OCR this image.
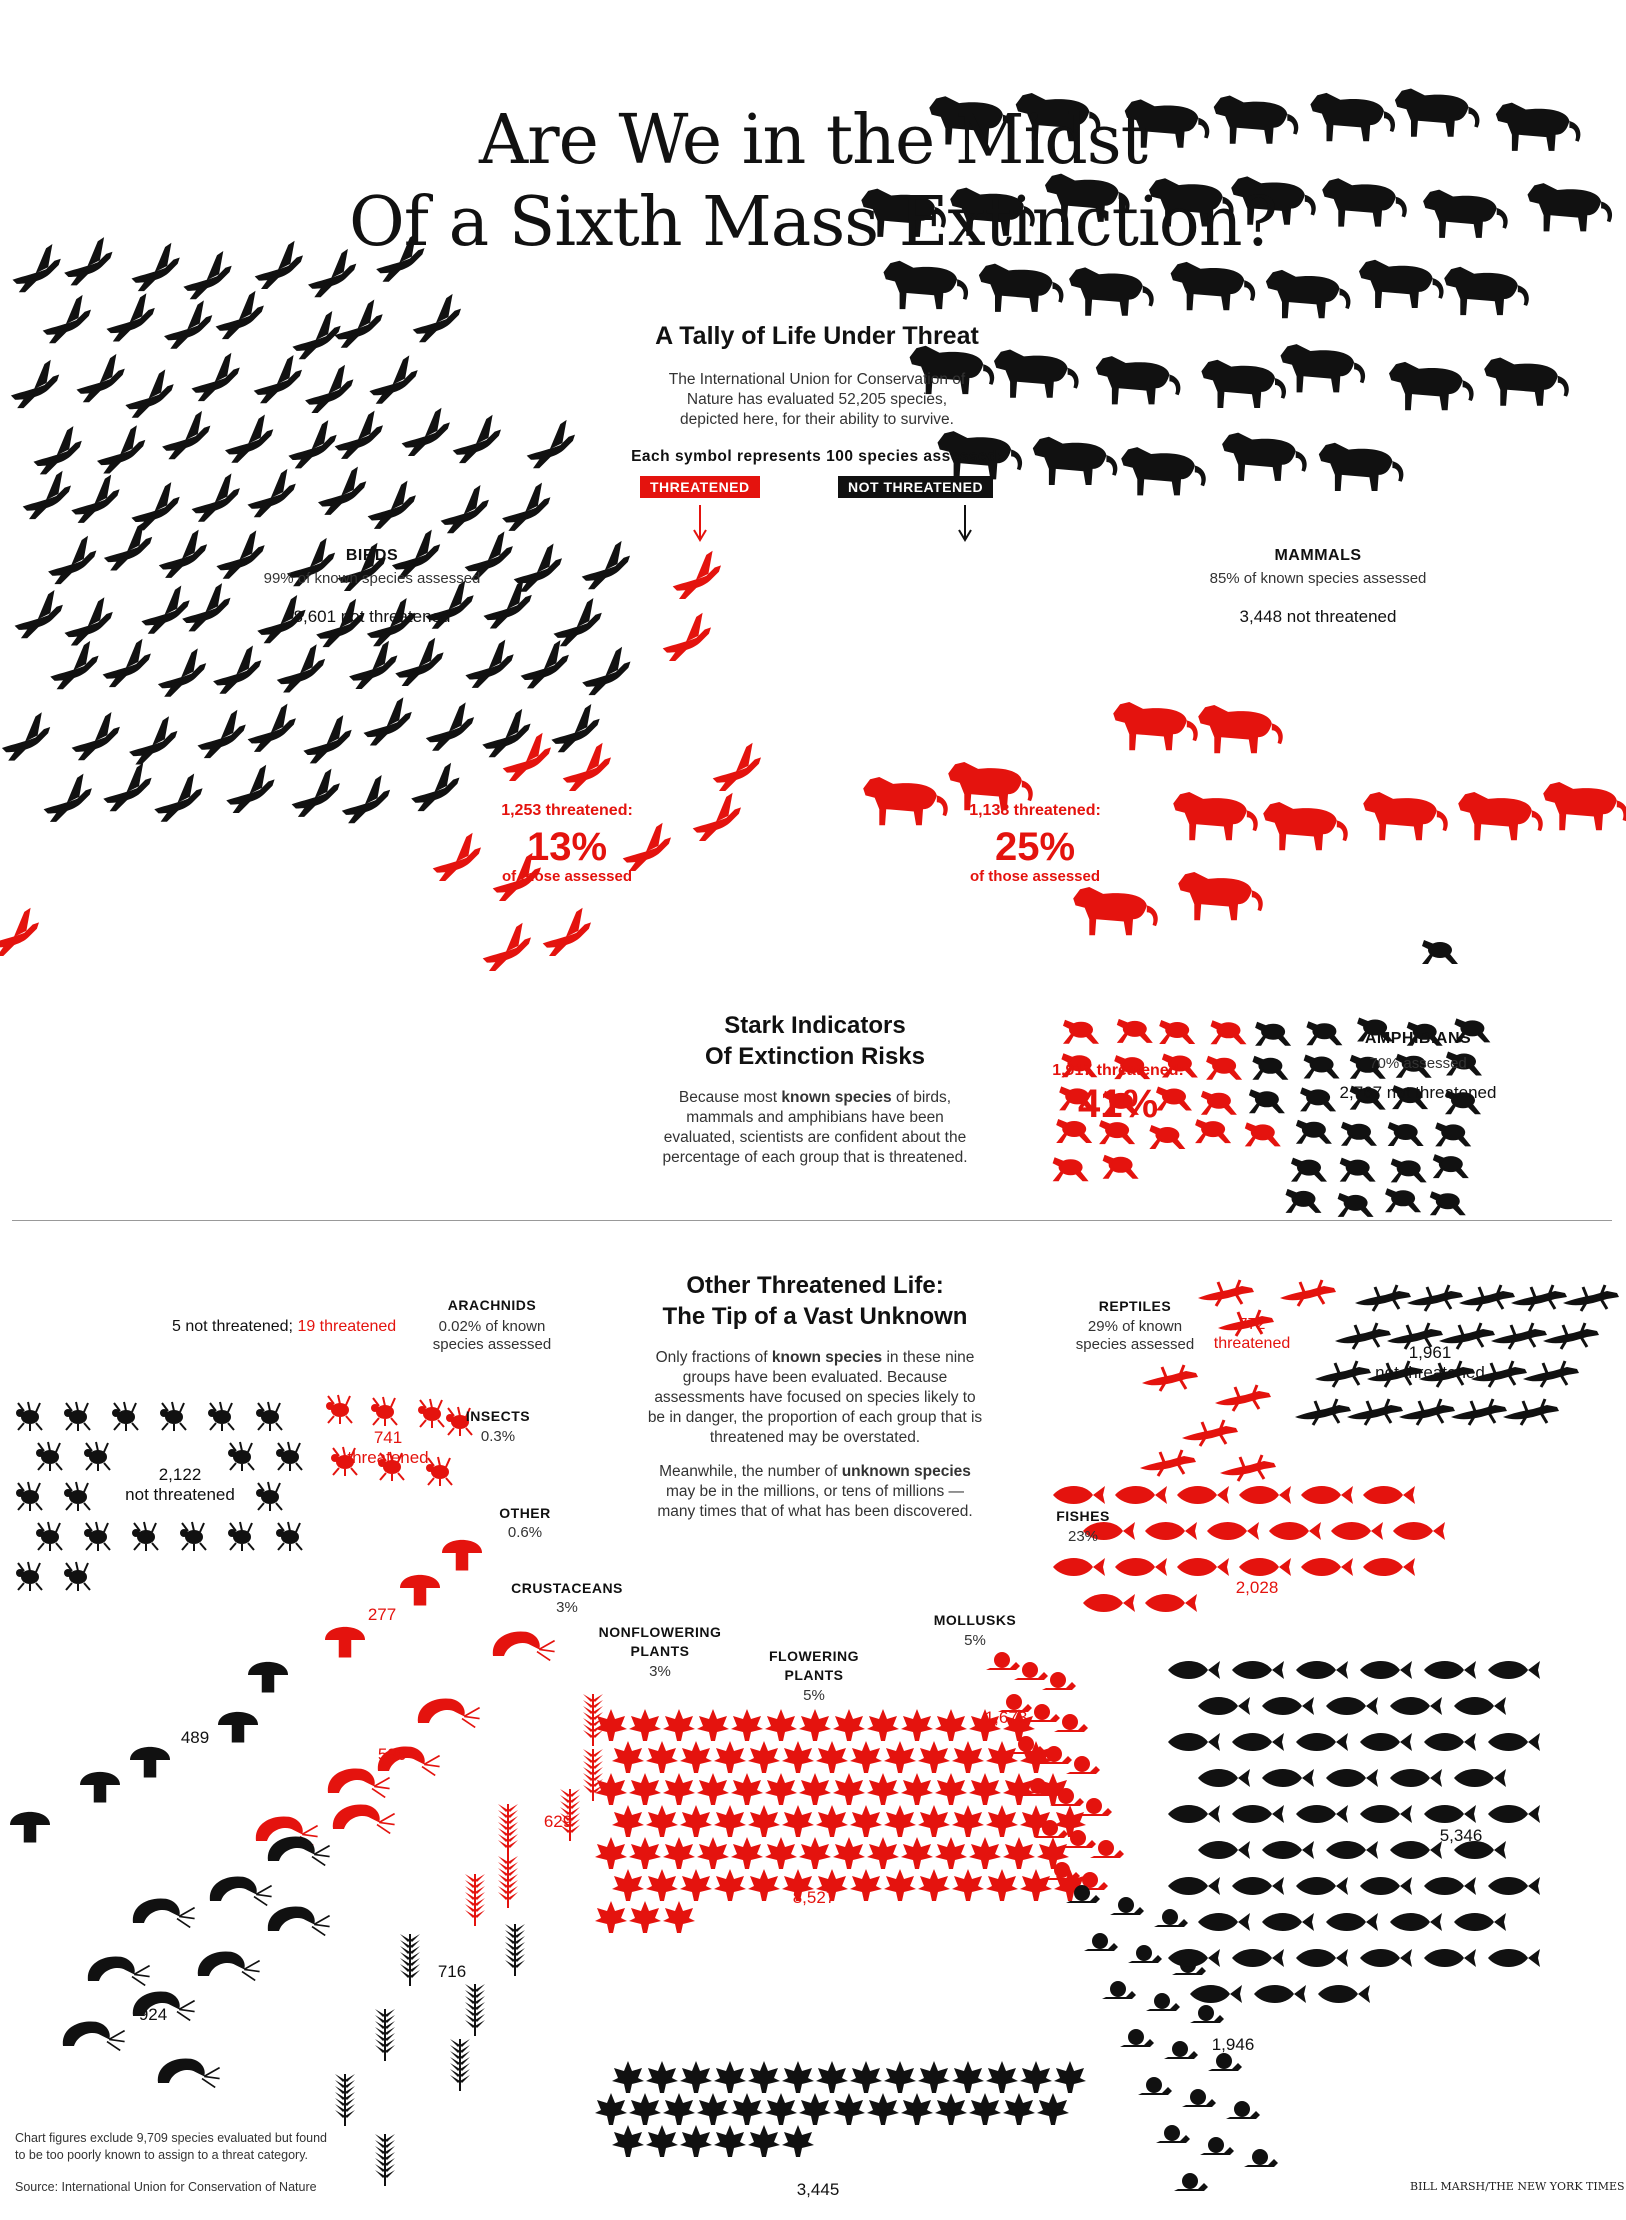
Are We in the Midst
Of a Sixth Mass Extinction?
A Tally of Life Under Threat
The International Union for Conservation of Nature has evaluated 52,205 species, depicted here, for their ability to survive.
Each symbol represents 100 species assessed:
THREATENED	NOT THREATENED
BIRDS
99% of known species assessed
8,601 not threatened
1,253 threatened:
13%
of those assessed
MAMMALS
85% of known species assessed
3,448 not threatened
1,138 threatened:
25%
of those assessed
AMPHIBIANS
70% assessed
2,767 not threatened
1,917 threatened:
41%
Stark Indicators
Of Extinction Risks
Because most known species of birds, mammals and amphibians have been evaluated, scientists are confident about the percentage of each group that is threatened.
Other Threatened Life:
The Tip of a Vast Unknown
Only fractions of known species in these nine groups have been evaluated. Because assessments have focused on species likely to be in danger, the proportion of each group that is threatened may be overstated.
Meanwhile, the number of unknown species may be in the millions, or tens of millions — many times that of what has been discovered.
ARACHNIDS
0.02% of known
species assessed
5 not threatened; 19 threatened
INSECTS
0.3%
2,122
not threatened
741
threatened
OTHER
0.6%
277
489
CRUSTACEANS
3%
596
924
NONFLOWERING
PLANTS
3%
629
716
FLOWERING
PLANTS
5%
8,527
3,445
MOLLUSKS
5%
1,673
1,946
REPTILES
29% of known
species assessed
772
threatened	1,961
not threatened
FISHES
23%
2,028
5,346
Chart figures exclude 9,709 species evaluated but found
to be too poorly known to assign to a threat category.
Source: International Union for Conservation of Nature	BILL MARSH/THE NEW YORK TIMES
